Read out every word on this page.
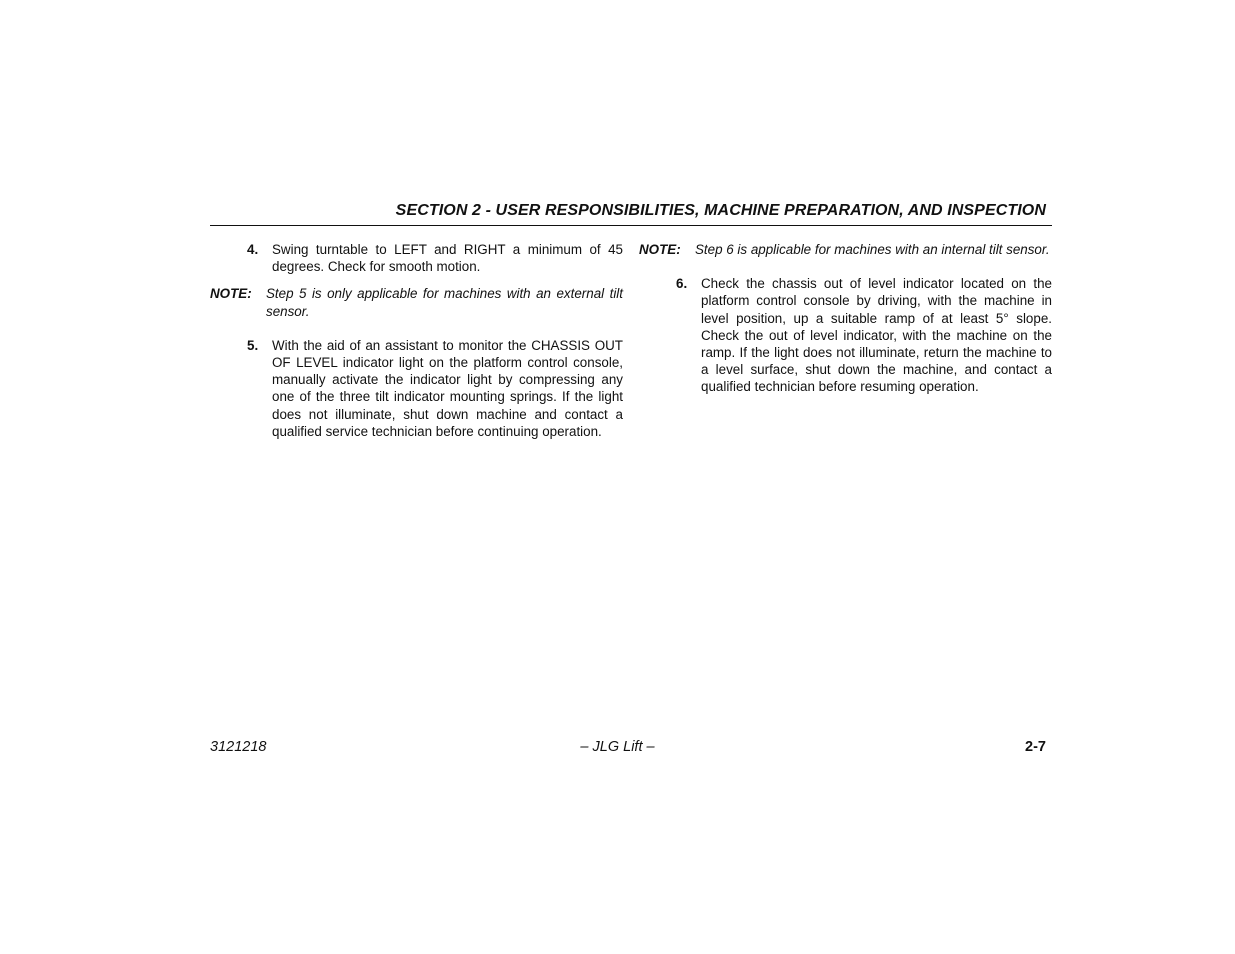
SECTION 2 - USER RESPONSIBILITIES, MACHINE PREPARATION, AND INSPECTION
4. Swing turntable to LEFT and RIGHT a minimum of 45 degrees. Check for smooth motion.
NOTE: Step 5 is only applicable for machines with an external tilt sensor.
5. With the aid of an assistant to monitor the CHASSIS OUT OF LEVEL indicator light on the platform control console, manually activate the indicator light by compressing any one of the three tilt indicator mounting springs. If the light does not illuminate, shut down machine and contact a qualified service technician before continuing operation.
NOTE: Step 6 is applicable for machines with an internal tilt sensor.
6. Check the chassis out of level indicator located on the platform control console by driving, with the machine in level position, up a suitable ramp of at least 5° slope. Check the out of level indicator, with the machine on the ramp. If the light does not illuminate, return the machine to a level surface, shut down the machine, and contact a qualified technician before resuming operation.
3121218	– JLG Lift –	2-7
